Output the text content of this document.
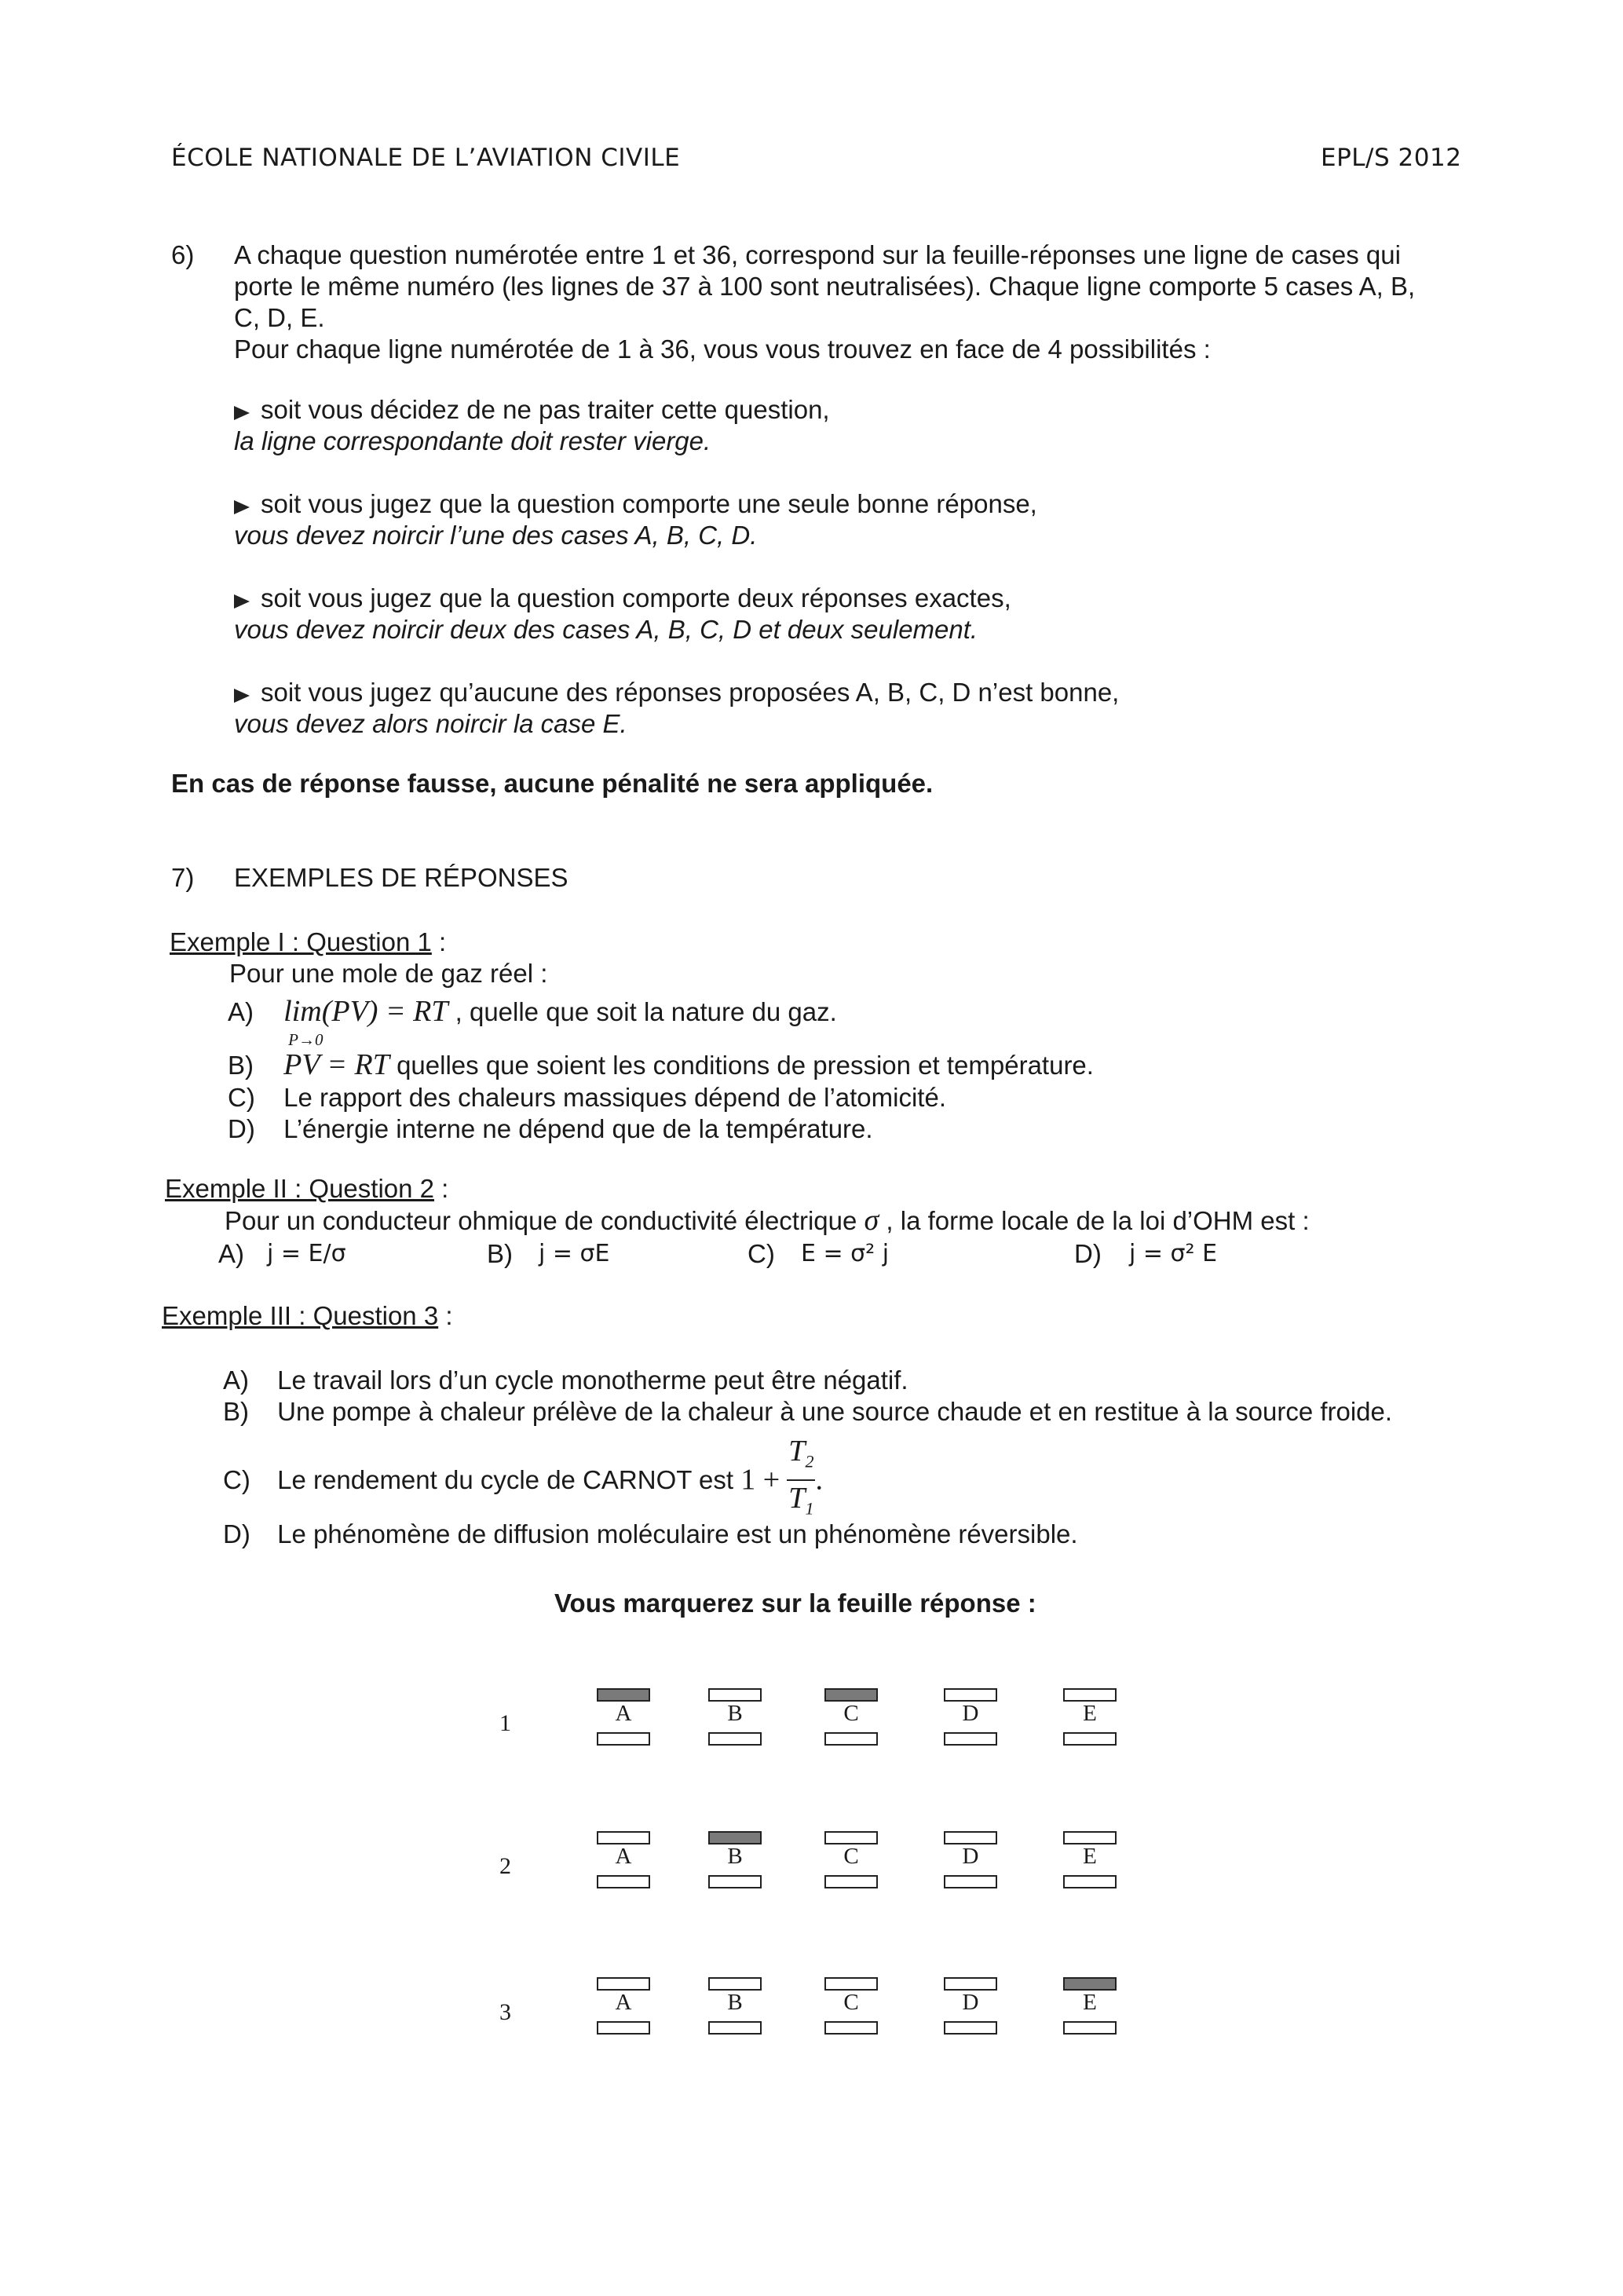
ÉCOLE NATIONALE DE L’AVIATION CIVILE	EPL/S 2012
6) A chaque question numérotée entre 1 et 36, correspond sur la feuille-réponses une ligne de cases qui
porte le même numéro (les lignes de 37 à 100 sont neutralisées). Chaque ligne comporte 5 cases A, B,
C, D, E.
Pour chaque ligne numérotée de 1 à 36, vous vous trouvez en face de 4 possibilités :
soit vous décidez de ne pas traiter cette question,
la ligne correspondante doit rester vierge.
soit vous jugez que la question comporte une seule bonne réponse,
vous devez noircir l’une des cases A, B, C, D.
soit vous jugez que la question comporte deux réponses exactes,
vous devez noircir deux des cases A, B, C, D et deux seulement.
soit vous jugez qu’aucune des réponses proposées A, B, C, D n’est bonne,
vous devez alors noircir la case E.
En cas de réponse fausse, aucune pénalité ne sera appliquée.
7) EXEMPLES DE RÉPONSES
Exemple I : Question 1 :
Pour une mole de gaz réel :
A) lim(PV) = RT
P→0
, quelle que soit la nature du gaz.
B) PV = RT quelles que soient les conditions de pression et température.
C) Le rapport des chaleurs massiques dépend de l’atomicité.
D) L’énergie interne ne dépend que de la température.
Exemple II : Question 2 :
Pour un conducteur ohmique de conductivité électrique σ , la forme locale de la loi d’OHM est :
A) j = E/σ	B) j = σE	C) E = σ² j	D) j = σ² E
Exemple III : Question 3 :
A) Le travail lors d’un cycle monotherme peut être négatif.
B) Une pompe à chaleur prélève de la chaleur à une source chaude et en restitue à la source froide.
C) Le rendement du cycle de CARNOT est $1 + \frac{T_2}{T_1}$ .
D) Le phénomène de diffusion moléculaire est un phénomène réversible.
Vous marquerez sur la feuille réponse :
1	A	B	C	D	E
2	A	B	C	D	E
3	A	B	C	D	E
